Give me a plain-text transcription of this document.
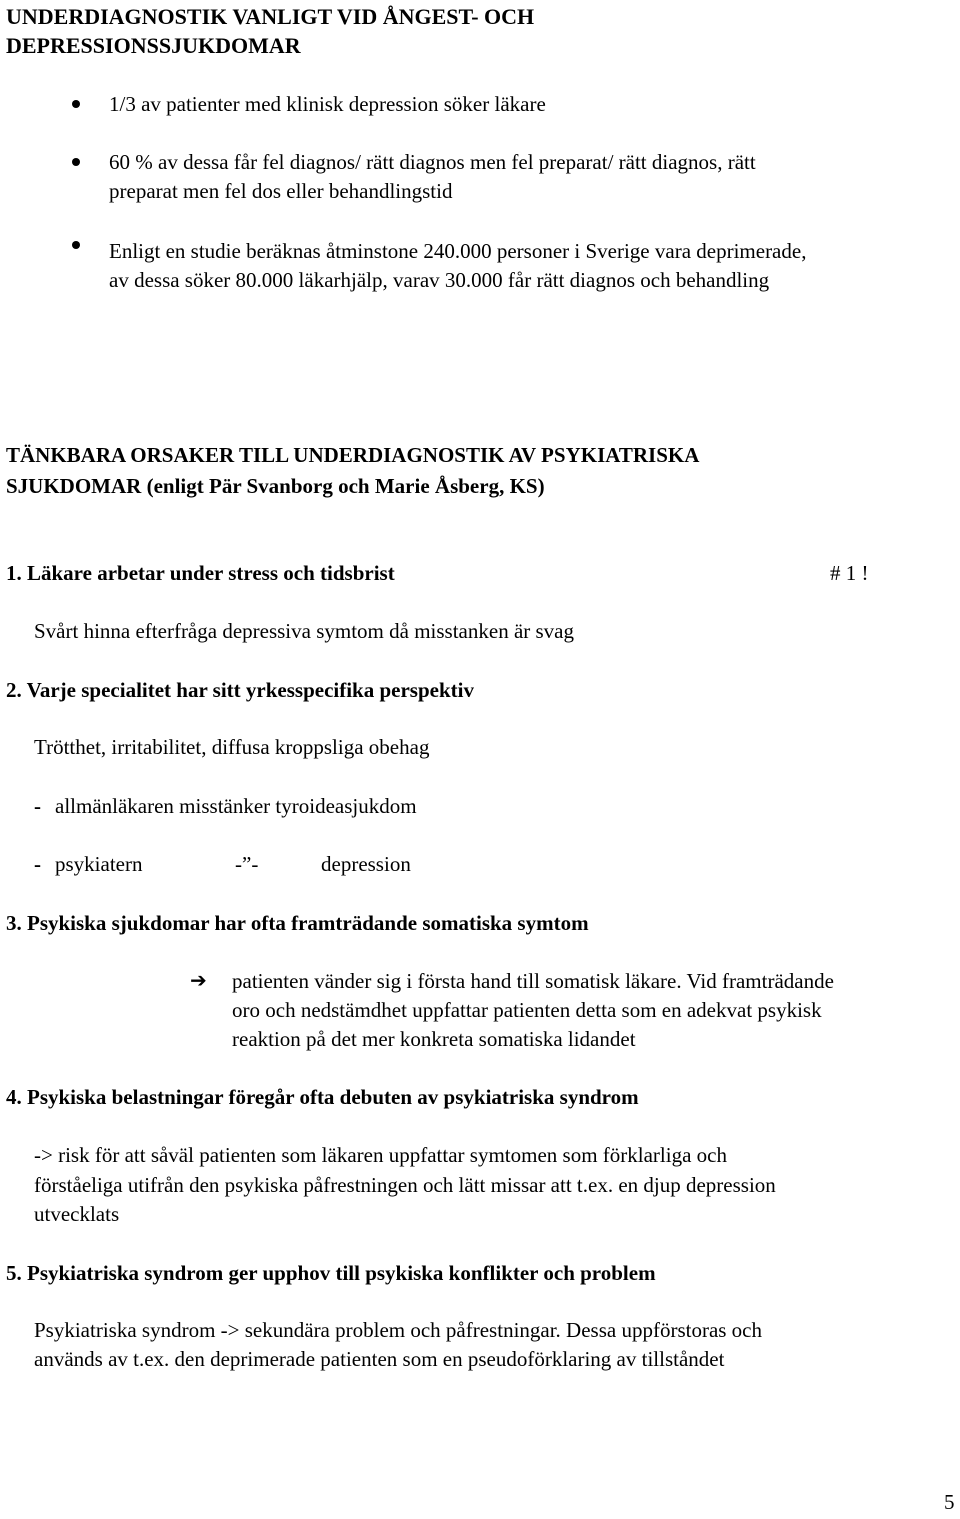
UNDERDIAGNOSTIK VANLIGT VID ÅNGEST- OCH
DEPRESSIONSSJUKDOMAR
1/3 av patienter med klinisk depression söker läkare
60 % av dessa får fel diagnos/ rätt diagnos men fel preparat/ rätt diagnos, rätt
preparat men fel dos eller behandlingstid
Enligt en studie beräknas åtminstone 240.000 personer i Sverige vara deprimerade,
av dessa söker 80.000 läkarhjälp, varav 30.000 får rätt diagnos och behandling
TÄNKBARA ORSAKER TILL UNDERDIAGNOSTIK AV PSYKIATRISKA
SJUKDOMAR (enligt Pär Svanborg och Marie Åsberg, KS)
1. Läkare arbetar under stress och tidsbrist	# 1 !
Svårt hinna efterfråga depressiva symtom då misstanken är svag
2. Varje specialitet har sitt yrkesspecifika perspektiv
Trötthet, irritabilitet, diffusa kroppsliga obehag
- allmänläkaren misstänker tyroideasjukdom
- psykiatern	-”-	depression
3. Psykiska sjukdomar har ofta framträdande somatiska symtom
➔ patienten vänder sig i första hand till somatisk läkare. Vid framträdande
oro och nedstämdhet uppfattar patienten detta som en adekvat psykisk
reaktion på det mer konkreta somatiska lidandet
4. Psykiska belastningar föregår ofta debuten av psykiatriska syndrom
-> risk för att såväl patienten som läkaren uppfattar symtomen som förklarliga och
förståeliga utifrån den psykiska påfrestningen och lätt missar att t.ex. en djup depression
utvecklats
5. Psykiatriska syndrom ger upphov till psykiska konflikter och problem
Psykiatriska syndrom -> sekundära problem och påfrestningar. Dessa uppförstoras och
används av t.ex. den deprimerade patienten som en pseudoförklaring av tillståndet
5
